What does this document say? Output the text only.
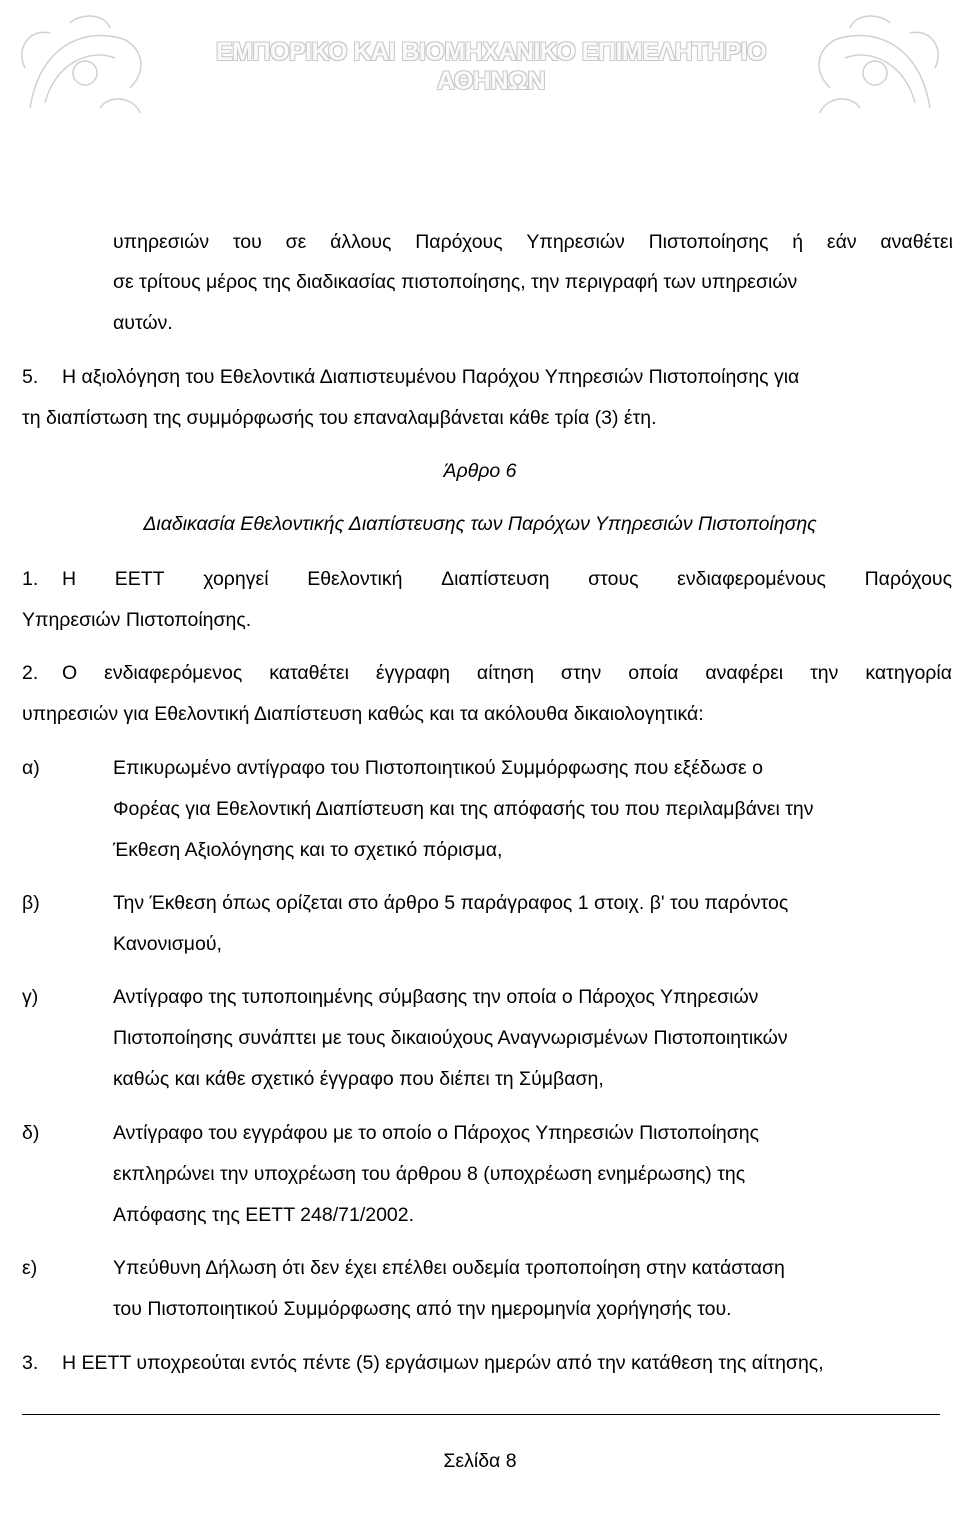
ΕΜΠΟΡΙΚΟ ΚΑΙ ΒΙΟΜΗΧΑΝΙΚΟ ΕΠΙΜΕΛΗΤΗΡΙΟ ΑΘΗΝΩΝ
υπηρεσιών του σε άλλους Παρόχους Υπηρεσιών Πιστοποίησης ή εάν αναθέτει
σε τρίτους μέρος της διαδικασίας πιστοποίησης, την περιγραφή των υπηρεσιών
αυτών.
5. Η αξιολόγηση του Εθελοντικά Διαπιστευμένου Παρόχου Υπηρεσιών Πιστοποίησης για
τη διαπίστωση της συμμόρφωσής του επαναλαμβάνεται κάθε τρία (3) έτη.
Άρθρο 6
Διαδικασία Εθελοντικής Διαπίστευσης των Παρόχων Υπηρεσιών Πιστοποίησης
1. Η ΕΕΤΤ χορηγεί Εθελοντική Διαπίστευση στους ενδιαφερομένους Παρόχους
Υπηρεσιών Πιστοποίησης.
2. Ο ενδιαφερόμενος καταθέτει έγγραφη αίτηση στην οποία αναφέρει την κατηγορία
υπηρεσιών για Εθελοντική Διαπίστευση καθώς και τα ακόλουθα δικαιολογητικά:
α)	Επικυρωμένο αντίγραφο του Πιστοποιητικού Συμμόρφωσης που εξέδωσε ο
Φορέας για Εθελοντική Διαπίστευση και της απόφασής του που περιλαμβάνει την
Έκθεση Αξιολόγησης και το σχετικό πόρισμα,
β)	Την Έκθεση όπως ορίζεται στο άρθρο 5 παράγραφος 1 στοιχ. β' του παρόντος
Κανονισμού,
γ)	Αντίγραφο της τυποποιημένης σύμβασης την οποία ο Πάροχος Υπηρεσιών
Πιστοποίησης συνάπτει με τους δικαιούχους Αναγνωρισμένων Πιστοποιητικών
καθώς και κάθε σχετικό έγγραφο που διέπει τη Σύμβαση,
δ)	Αντίγραφο του εγγράφου με το οποίο ο Πάροχος Υπηρεσιών Πιστοποίησης
εκπληρώνει την υποχρέωση του άρθρου 8 (υποχρέωση ενημέρωσης) της
Απόφασης της ΕΕΤΤ 248/71/2002.
ε)	Υπεύθυνη Δήλωση ότι δεν έχει επέλθει ουδεμία τροποποίηση στην κατάσταση
του Πιστοποιητικού Συμμόρφωσης από την ημερομηνία χορήγησής του.
3. Η ΕΕΤΤ υποχρεούται εντός πέντε (5) εργάσιμων ημερών από την κατάθεση της αίτησης,
Σελίδα 8
